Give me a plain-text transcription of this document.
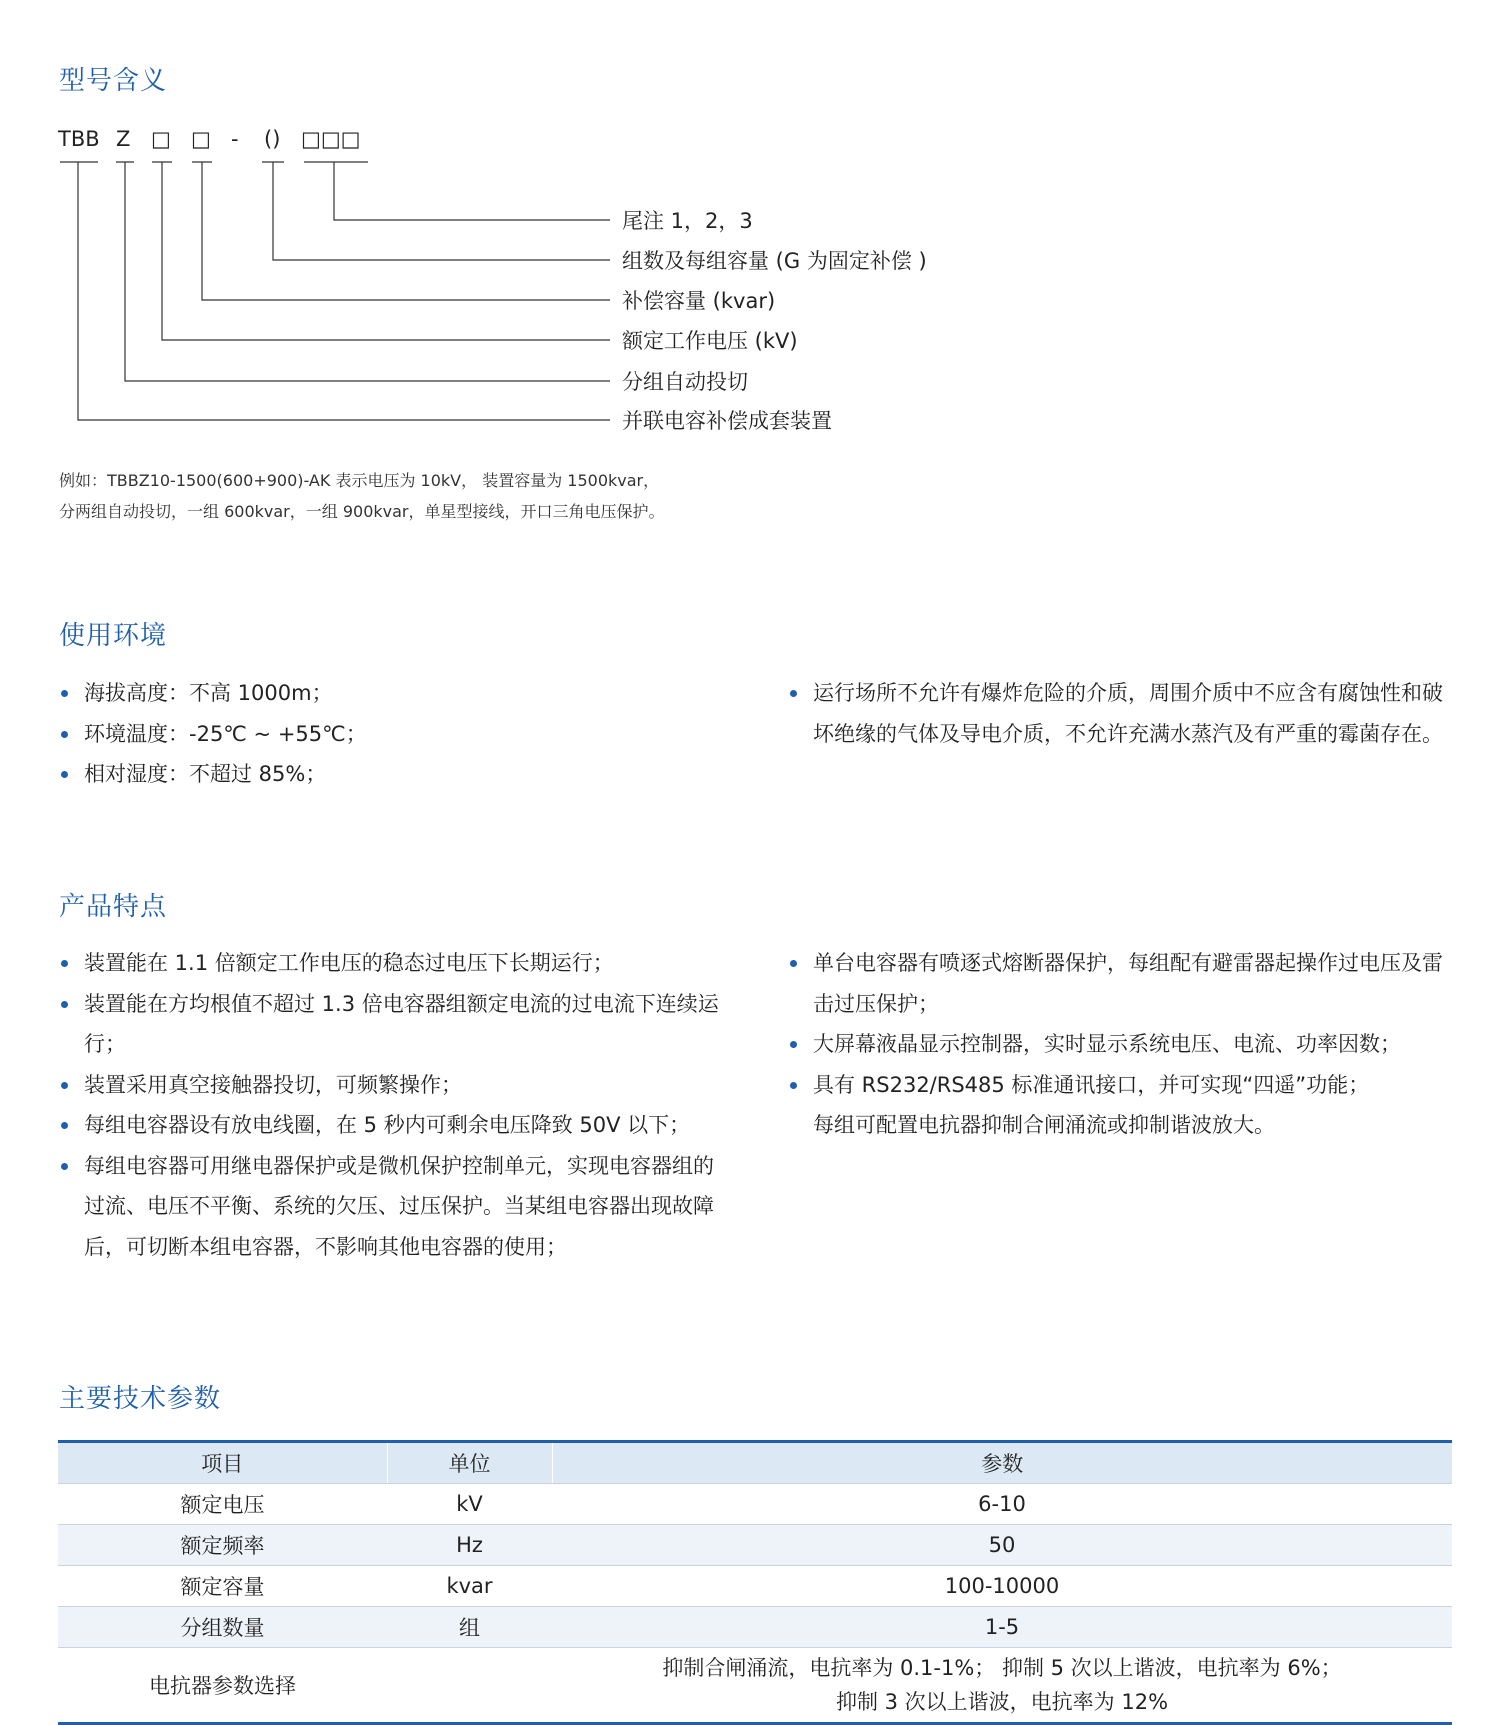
型号含义
TBB Z □ □ - () □□□
尾注 1，2，3
组数及每组容量 (G 为固定补偿 )
补偿容量 (kvar)
额定工作电压 (kV)
分组自动投切
并联电容补偿成套装置

例如：TBBZ10-1500(600+900)-AK 表示电压为 10kV， 装置容量为 1500kvar，

分两组自动投切，一组 600kvar，一组 900kvar，单星型接线，开口三角电压保护。

使用环境
海拔高度：不高 1000m；
环境温度：-25℃ ~ +55℃；
相对湿度：不超过 85%；
运行场所不允许有爆炸危险的介质，周围介质中不应含有腐蚀性和破坏绝缘的气体及导电介质，不允许充满水蒸汽及有严重的霉菌存在。
产品特点
装置能在 1.1 倍额定工作电压的稳态过电压下长期运行；
装置能在方均根值不超过 1.3 倍电容器组额定电流的过电流下连续运行；
装置采用真空接触器投切，可频繁操作；
每组电容器设有放电线圈，在 5 秒内可剩余电压降致 50V 以下；
每组电容器可用继电器保护或是微机保护控制单元，实现电容器组的过流、电压不平衡、系统的欠压、过压保护。当某组电容器出现故障后，可切断本组电容器，不影响其他电容器的使用；
单台电容器有喷逐式熔断器保护，每组配有避雷器起操作过电压及雷击过压保护；
大屏幕液晶显示控制器，实时显示系统电压、电流、功率因数；
具有 RS232/RS485 标准通讯接口，并可实现“四遥”功能；
每组可配置电抗器抑制合闸涌流或抑制谐波放大。
主要技术参数
项目	单位	参数
额定电压	kV	6-10
额定频率	Hz	50
额定容量	kvar	100-10000
分组数量	组	1-5
电抗器参数选择		抑制合闸涌流，电抗率为 0.1-1%； 抑制 5 次以上谐波，电抗率为 6%；
抑制 3 次以上谐波，电抗率为 12%
